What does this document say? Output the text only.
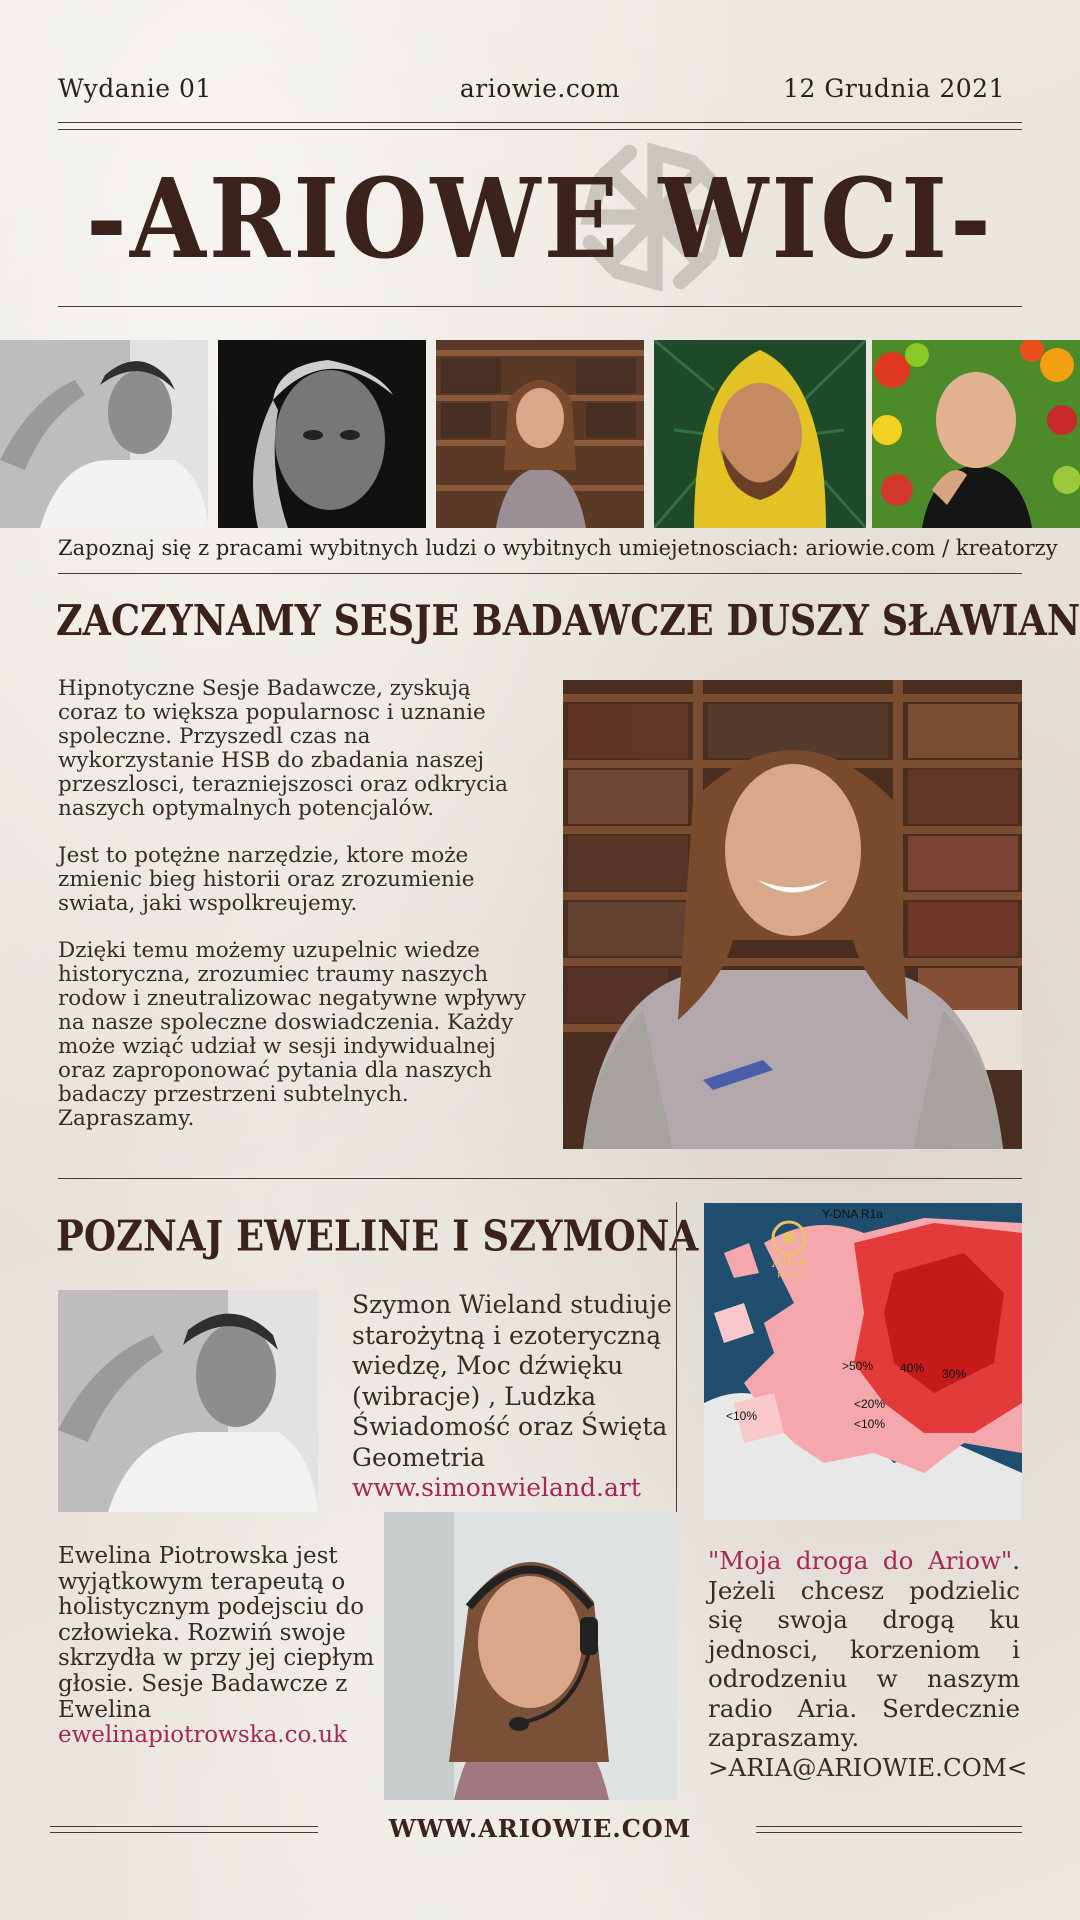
Wydanie 01	ariowie.com	12 Grudnia 2021
-ARIOWE WICI-
Zapoznaj się z pracami wybitnych ludzi o wybitnych umiejetnosciach: ariowie.com / kreatorzy
ZACZYNAMY SESJE BADAWCZE DUSZY SŁAWIAN

Hipnotyczne Sesje Badawcze, zyskują coraz to większa popularnosc i uznanie spoleczne. Przyszedl czas na wykorzystanie HSB do zbadania naszej przeszlosci, terazniejszosci oraz odkrycia naszych optymalnych potencjalów.

Jest to potężne narzędzie, ktore może zmienic bieg historii oraz zrozumienie swiata, jaki wspolkreujemy.

Dzięki temu możemy uzupelnic wiedze historyczna, zrozumiec traumy naszych rodow i zneutralizowac negatywne wpływy na nasze spoleczne doswiadczenia. Każdy może wziąć udział w sesji indywidualnej oraz zaproponować pytania dla naszych badaczy przestrzeni subtelnych. Zapraszamy.

POZNAJ EWELINE I SZYMONA
Szymon Wieland studiuje starożytną i ezoteryczną wiedzę, Moc dźwięku (wibracje) , Ludzka Świadomość oraz Święta Geometria
www.simonwieland.art
Ewelina Piotrowska jest wyjątkowym terapeutą o holistycznym podejsciu do człowieka. Rozwiń swoje skrzydła w przy jej ciepłym głosie. Sesje Badawcze z Ewelina
ewelinapiotrowska.co.uk
Y-DNA R1a
ARIA
RADIO
>50% 40% 30%
<20%
<10%
<10%
"Moja droga do Ariow". Jeżeli chcesz podzielic się swoja drogą ku jednosci, korzeniom i odrodzeniu w naszym radio Aria. Serdecznie zapraszamy.
>ARIA@ARIOWIE.COM<
WWW.ARIOWIE.COM
